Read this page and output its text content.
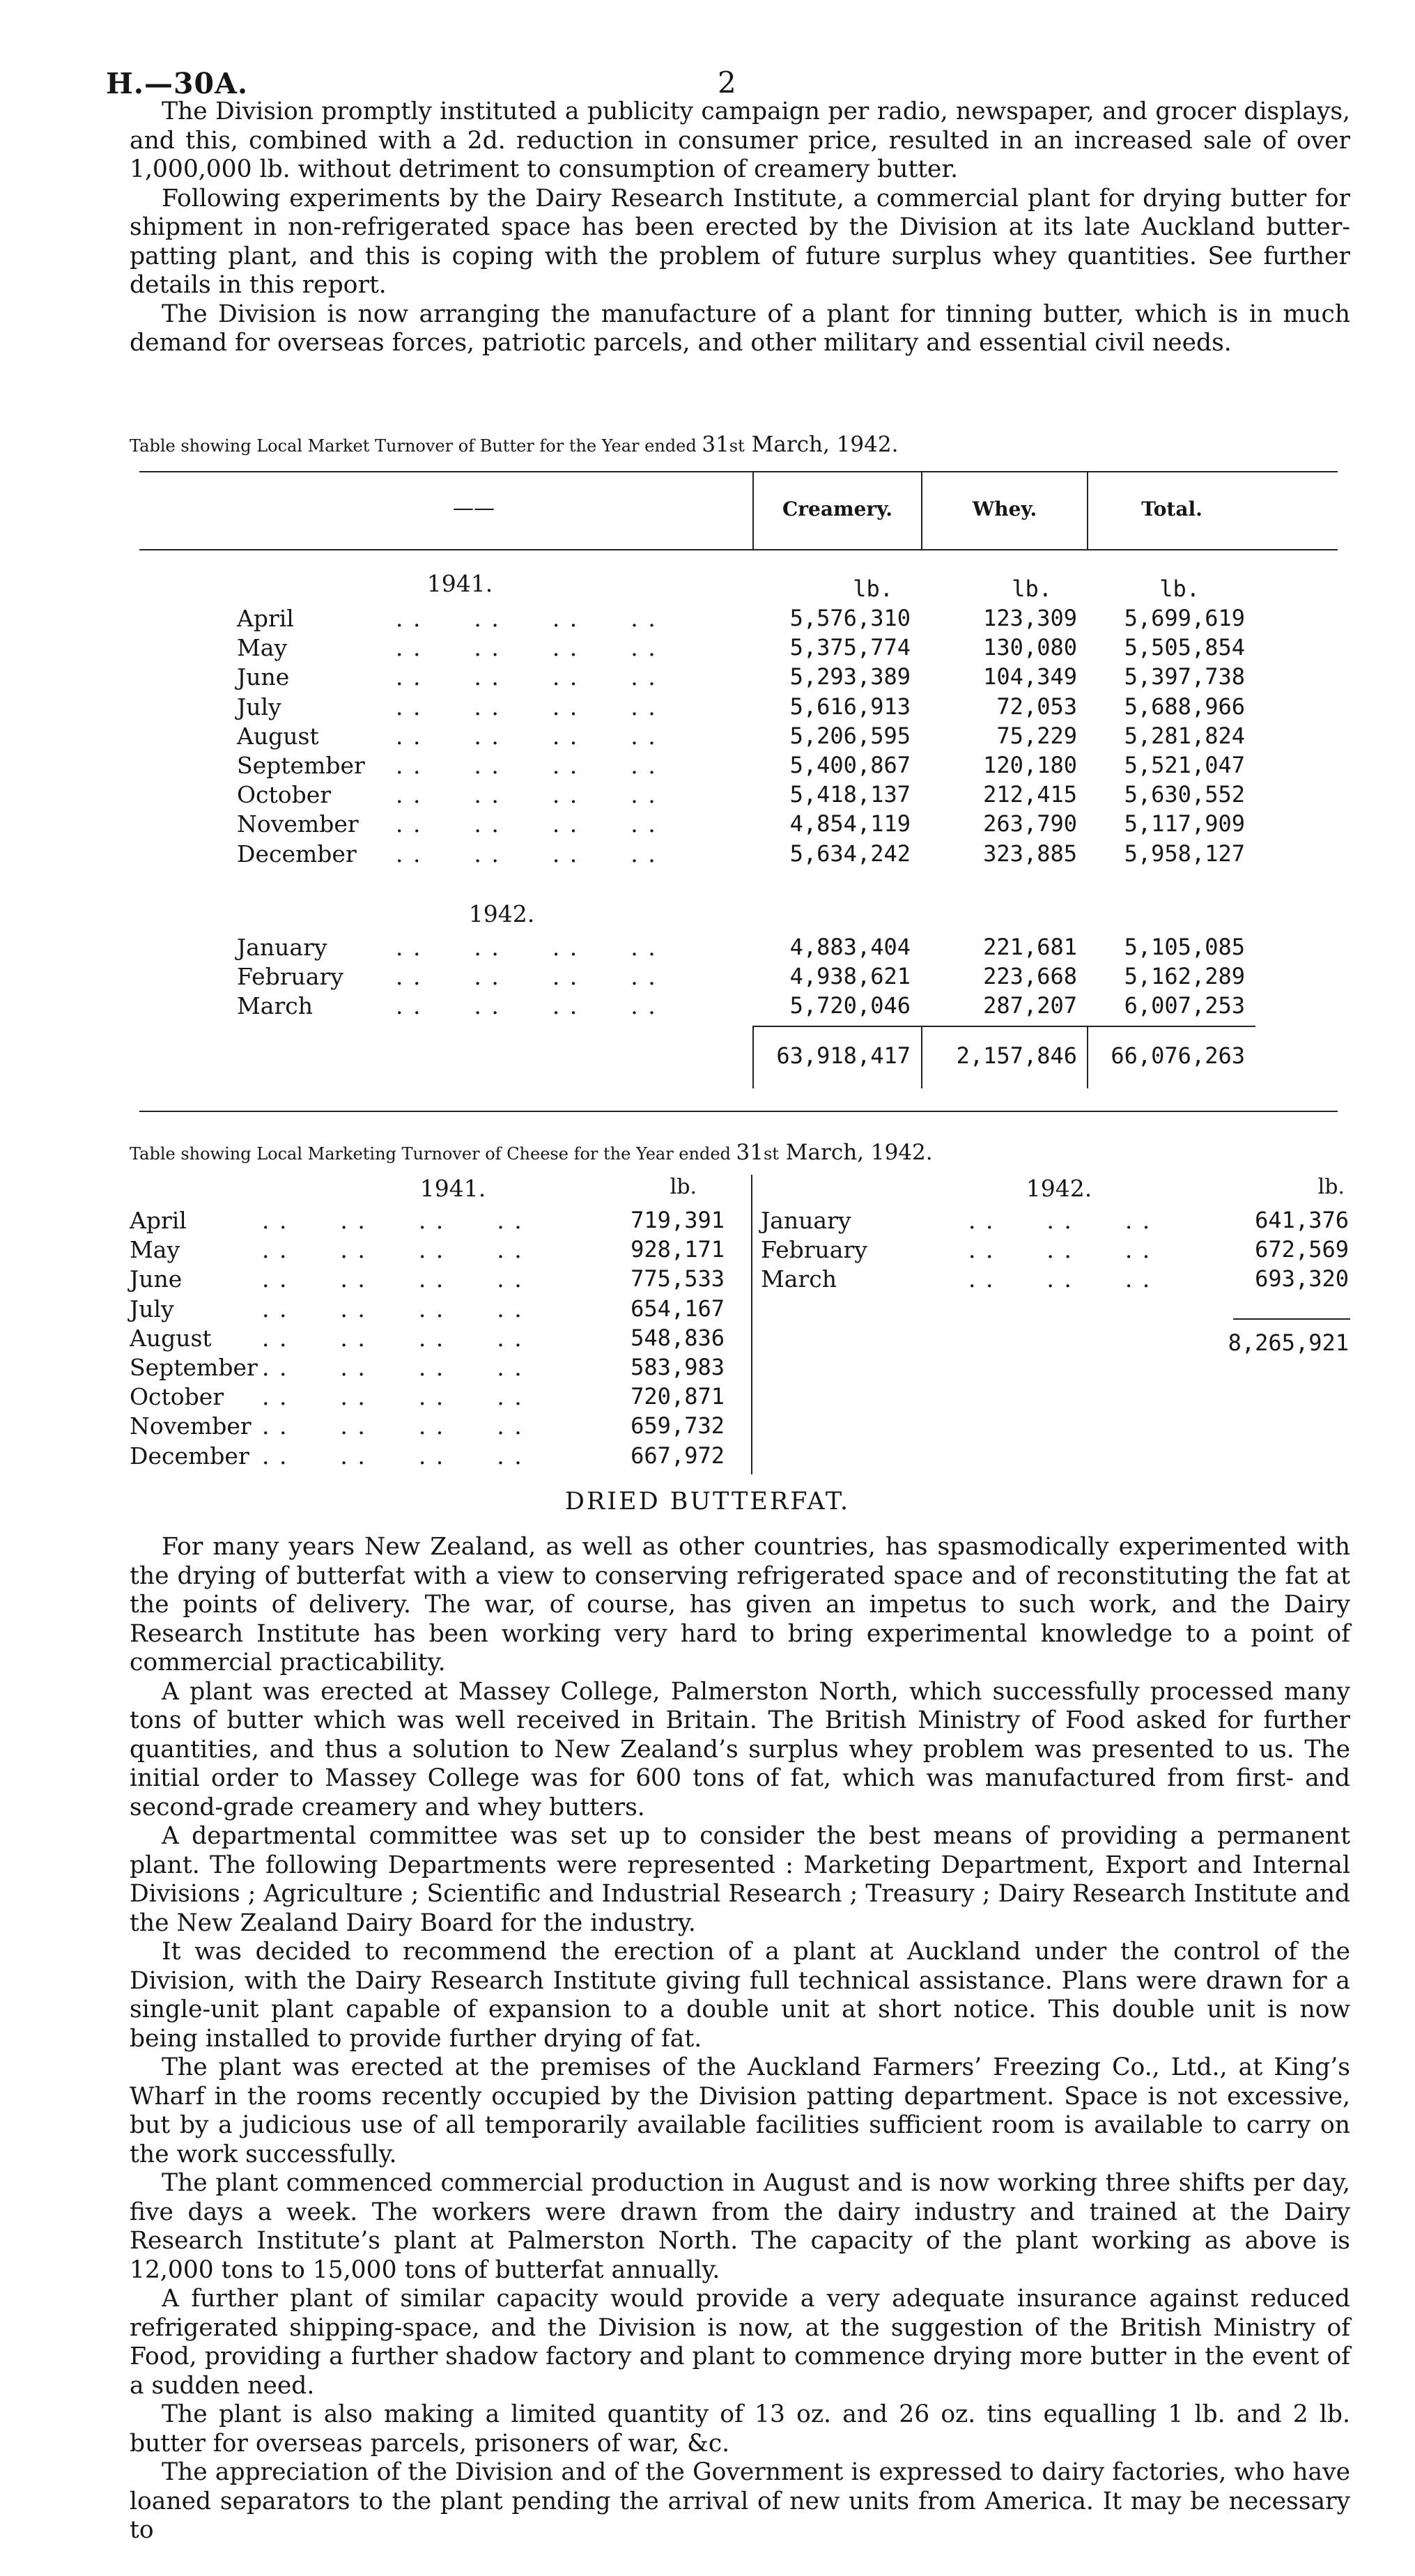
H.—30A.	2

The Division promptly instituted a publicity campaign per radio, newspaper, and grocer displays, and this, combined with a 2d. reduction in consumer price, resulted in an increased sale of over 1,000,000 lb. without detriment to consumption of creamery butter.

Following experiments by the Dairy Research Institute, a commercial plant for drying butter for shipment in non-refrigerated space has been erected by the Division at its late Auckland butter-patting plant, and this is coping with the problem of future surplus whey quantities. See further details in this report.

The Division is now arranging the manufacture of a plant for tinning butter, which is in much demand for overseas forces, patriotic parcels, and other military and essential civil needs.

Table showing Local Market Turnover of Butter for the Year ended 31st March, 1942.
——	Creamery.	Whey.	Total.
1941.	lb.	lb.	lb.
April	. .      . .      . .      . .	5,576,310	123,309	5,699,619
May	. .      . .      . .      . .	5,375,774	130,080	5,505,854
June	. .      . .      . .      . .	5,293,389	104,349	5,397,738
July	. .      . .      . .      . .	5,616,913	72,053	5,688,966
August	. .      . .      . .      . .	5,206,595	75,229	5,281,824
September . .      . .      . .      . .	5,400,867	120,180	5,521,047
October	. .      . .      . .      . .	5,418,137	212,415	5,630,552
November . .      . .      . .      . .	4,854,119	263,790	5,117,909
December . .      . .      . .      . .	5,634,242	323,885	5,958,127
1942.
January	. .      . .      . .      . .	4,883,404	221,681	5,105,085
February . .      . .      . .      . .	4,938,621	223,668	5,162,289
March	. .      . .      . .      . .	5,720,046	287,207	6,007,253
63,918,417	2,157,846	66,076,263
Table showing Local Marketing Turnover of Cheese for the Year ended 31st March, 1942.
1941.	1942.
lb.	lb.
8,265,921
April	. .      . .      . .      . .	719,391
May	. .      . .      . .      . .	928,171
June	. .      . .      . .      . .	775,533
July	. .      . .      . .      . .	654,167
August . .      . .      . .      . .	548,836
September . .      . .      . .      . .	583,983
October . .      . .      . .      . .	720,871
November . .      . .      . .      . .	659,732
December . .      . .      . .      . .	667,972
January	. .      . .      . .	641,376
February	. .      . .      . .	672,569
March	. .      . .      . .	693,320
DRIED BUTTERFAT.

For many years New Zealand, as well as other countries, has spasmodically experimented with the drying of butterfat with a view to conserving refrigerated space and of reconstituting the fat at the points of delivery. The war, of course, has given an impetus to such work, and the Dairy Research Institute has been working very hard to bring experimental knowledge to a point of commercial practicability.

A plant was erected at Massey College, Palmerston North, which successfully processed many tons of butter which was well received in Britain. The British Ministry of Food asked for further quantities, and thus a solution to New Zealand’s surplus whey problem was presented to us. The initial order to Massey College was for 600 tons of fat, which was manufactured from first- and second-grade creamery and whey butters.

A departmental committee was set up to consider the best means of providing a permanent plant. The following Departments were represented : Marketing Department, Export and Internal Divisions ; Agriculture ; Scientific and Industrial Research ; Treasury ; Dairy Research Institute and the New Zealand Dairy Board for the industry.

It was decided to recommend the erection of a plant at Auckland under the control of the Division, with the Dairy Research Institute giving full technical assistance. Plans were drawn for a single-unit plant capable of expansion to a double unit at short notice. This double unit is now being installed to provide further drying of fat.

The plant was erected at the premises of the Auckland Farmers’ Freezing Co., Ltd., at King’s Wharf in the rooms recently occupied by the Division patting department. Space is not excessive, but by a judicious use of all temporarily available facilities sufficient room is available to carry on the work successfully.

The plant commenced commercial production in August and is now working three shifts per day, five days a week. The workers were drawn from the dairy industry and trained at the Dairy Research Institute’s plant at Palmerston North. The capacity of the plant working as above is 12,000 tons to 15,000 tons of butterfat annually.

A further plant of similar capacity would provide a very adequate insurance against reduced refrigerated shipping-space, and the Division is now, at the suggestion of the British Ministry of Food, providing a further shadow factory and plant to commence drying more butter in the event of a sudden need.

The plant is also making a limited quantity of 13 oz. and 26 oz. tins equalling 1 lb. and 2 lb. butter for overseas parcels, prisoners of war, &c.

The appreciation of the Division and of the Government is expressed to dairy factories, who have loaned separators to the plant pending the arrival of new units from America. It may be necessary to
